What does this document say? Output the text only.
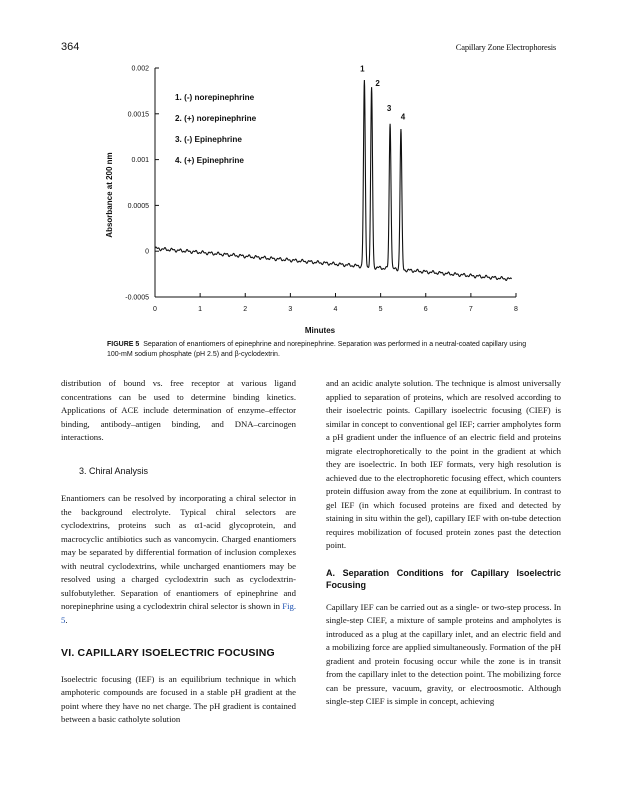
364	Capillary Zone Electrophoresis
0	1	2	3	4	5	6	7	8
0.002
0.0015
0.001
0.0005
0
-0.0005
1. (-) norepinephrine
2. (+) norepinephrine
3. (-) Epinephrine
4. (+) Epinephrine
1
2
3
4
Minutes
Absorbance at 200 nm
FIGURE 5 Separation of enantiomers of epinephrine and norepinephrine. Separation was performed in a neutral-coated capillary using 100-mM sodium phosphate (pH 2.5) and β-cyclodextrin.

distribution of bound vs. free receptor at various ligand concentrations can be used to determine binding kinetics. Applications of ACE include determination of enzyme–effector binding, antibody–antigen binding, and DNA–carcinogen interactions.

3. Chiral Analysis

Enantiomers can be resolved by incorporating a chiral selector in the background electrolyte. Typical chiral selectors are cyclodextrins, proteins such as α1-acid glycoprotein, and macrocyclic antibiotics such as vancomycin. Charged enantiomers may be separated by differential formation of inclusion complexes with neutral cyclodextrins, while uncharged enantiomers may be resolved using a charged cyclodextrin such as cyclodextrin-sulfobutylether. Separation of enantiomers of epinephrine and norepinephrine using a cyclodextrin chiral selector is shown in Fig. 5.

VI. CAPILLARY ISOELECTRIC FOCUSING

Isoelectric focusing (IEF) is an equilibrium technique in which amphoteric compounds are focused in a stable pH gradient at the point where they have no net charge. The pH gradient is contained between a basic catholyte solution

and an acidic analyte solution. The technique is almost universally applied to separation of proteins, which are resolved according to their isoelectric points. Capillary isoelectric focusing (CIEF) is similar in concept to conventional gel IEF; carrier ampholytes form a pH gradient under the influence of an electric field and proteins migrate electrophoretically to the point in the gradient at which they are isoelectric. In both IEF formats, very high resolution is achieved due to the electrophoretic focusing effect, which counters protein diffusion away from the zone at equilibrium. In contrast to gel IEF (in which focused proteins are fixed and detected by staining in situ within the gel), capillary IEF with on-tube detection requires mobilization of focused protein zones past the detection point.

A. Separation Conditions for Capillary Isoelectric Focusing

Capillary IEF can be carried out as a single- or two-step process. In single-step CIEF, a mixture of sample proteins and ampholytes is introduced as a plug at the capillary inlet, and an electric field and a mobilizing force are applied simultaneously. Formation of the pH gradient and protein focusing occur while the zone is in transit from the capillary inlet to the detection point. The mobilizing force can be pressure, vacuum, gravity, or electroosmotic. Although single-step CIEF is simple in concept, achieving
